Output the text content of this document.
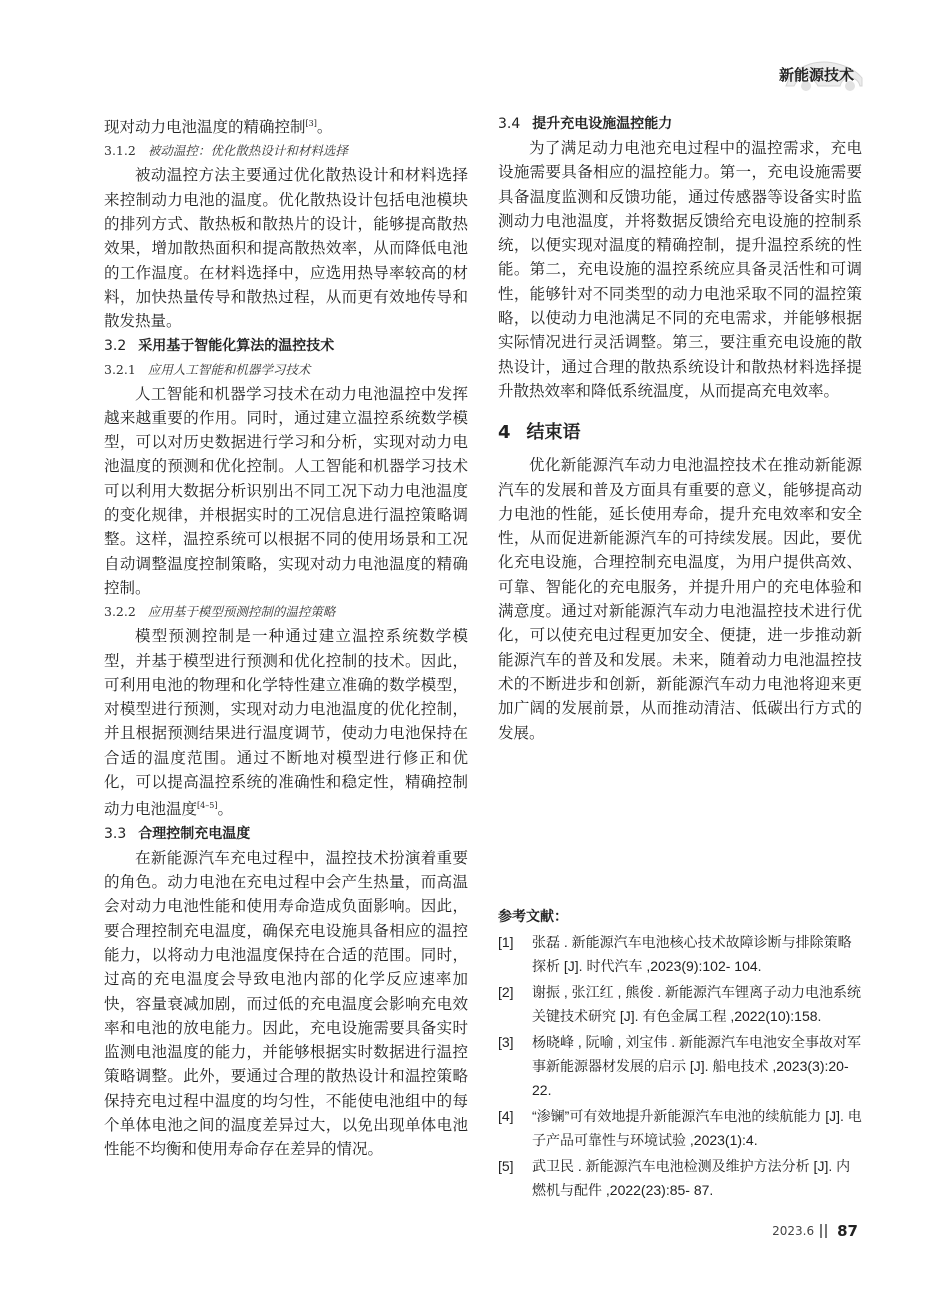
新能源技术

现对动力电池温度的精确控制[3]。

3.1.2 被动温控：优化散热设计和材料选择

被动温控方法主要通过优化散热设计和材料选择来控制动力电池的温度。优化散热设计包括电池模块的排列方式、散热板和散热片的设计，能够提高散热效果，增加散热面积和提高散热效率，从而降低电池的工作温度。在材料选择中，应选用热导率较高的材料，加快热量传导和散热过程，从而更有效地传导和散发热量。

3.2 采用基于智能化算法的温控技术
3.2.1 应用人工智能和机器学习技术

人工智能和机器学习技术在动力电池温控中发挥越来越重要的作用。同时，通过建立温控系统数学模型，可以对历史数据进行学习和分析，实现对动力电池温度的预测和优化控制。人工智能和机器学习技术可以利用大数据分析识别出不同工况下动力电池温度的变化规律，并根据实时的工况信息进行温控策略调整。这样，温控系统可以根据不同的使用场景和工况自动调整温度控制策略，实现对动力电池温度的精确控制。

3.2.2 应用基于模型预测控制的温控策略

模型预测控制是一种通过建立温控系统数学模型，并基于模型进行预测和优化控制的技术。因此，可利用电池的物理和化学特性建立准确的数学模型，对模型进行预测，实现对动力电池温度的优化控制，并且根据预测结果进行温度调节，使动力电池保持在合适的温度范围。通过不断地对模型进行修正和优化，可以提高温控系统的准确性和稳定性，精确控制动力电池温度[4–5]。

3.3 合理控制充电温度

在新能源汽车充电过程中，温控技术扮演着重要的角色。动力电池在充电过程中会产生热量，而高温会对动力电池性能和使用寿命造成负面影响。因此，要合理控制充电温度，确保充电设施具备相应的温控能力，以将动力电池温度保持在合适的范围。同时，过高的充电温度会导致电池内部的化学反应速率加快，容量衰减加剧，而过低的充电温度会影响充电效率和电池的放电能力。因此，充电设施需要具备实时监测电池温度的能力，并能够根据实时数据进行温控策略调整。此外，要通过合理的散热设计和温控策略保持充电过程中温度的均匀性，不能使电池组中的每个单体电池之间的温度差异过大，以免出现单体电池性能不均衡和使用寿命存在差异的情况。

3.4 提升充电设施温控能力

为了满足动力电池充电过程中的温控需求，充电设施需要具备相应的温控能力。第一，充电设施需要具备温度监测和反馈功能，通过传感器等设备实时监测动力电池温度，并将数据反馈给充电设施的控制系统，以便实现对温度的精确控制，提升温控系统的性能。第二，充电设施的温控系统应具备灵活性和可调性，能够针对不同类型的动力电池采取不同的温控策略，以使动力电池满足不同的充电需求，并能够根据实际情况进行灵活调整。第三，要注重充电设施的散热设计，通过合理的散热系统设计和散热材料选择提升散热效率和降低系统温度，从而提高充电效率。

4 结束语

优化新能源汽车动力电池温控技术在推动新能源汽车的发展和普及方面具有重要的意义，能够提高动力电池的性能，延长使用寿命，提升充电效率和安全性，从而促进新能源汽车的可持续发展。因此，要优化充电设施，合理控制充电温度，为用户提供高效、可靠、智能化的充电服务，并提升用户的充电体验和满意度。通过对新能源汽车动力电池温控技术进行优化，可以使充电过程更加安全、便捷，进一步推动新能源汽车的普及和发展。未来，随着动力电池温控技术的不断进步和创新，新能源汽车动力电池将迎来更加广阔的发展前景，从而推动清洁、低碳出行方式的发展。

参考文献：
[1]	张磊 . 新能源汽车电池核心技术故障诊断与排除策略探析 [J]. 时代汽车 ,2023(9):102- 104.
[2]	谢振 , 张江红 , 熊俊 . 新能源汽车锂离子动力电池系统关键技术研究 [J]. 有色金属工程 ,2022(10):158.
[3]	杨晓峰 , 阮喻 , 刘宝伟 . 新能源汽车电池安全事故对军事新能源器材发展的启示 [J]. 船电技术 ,2023(3):20- 22.
[4]	“渗镧”可有效地提升新能源汽车电池的续航能力 [J]. 电子产品可靠性与环境试验 ,2023(1):4.
[5]	武卫民 . 新能源汽车电池检测及维护方法分析 [J]. 内燃机与配件 ,2022(23):85- 87.
2023.6 87
